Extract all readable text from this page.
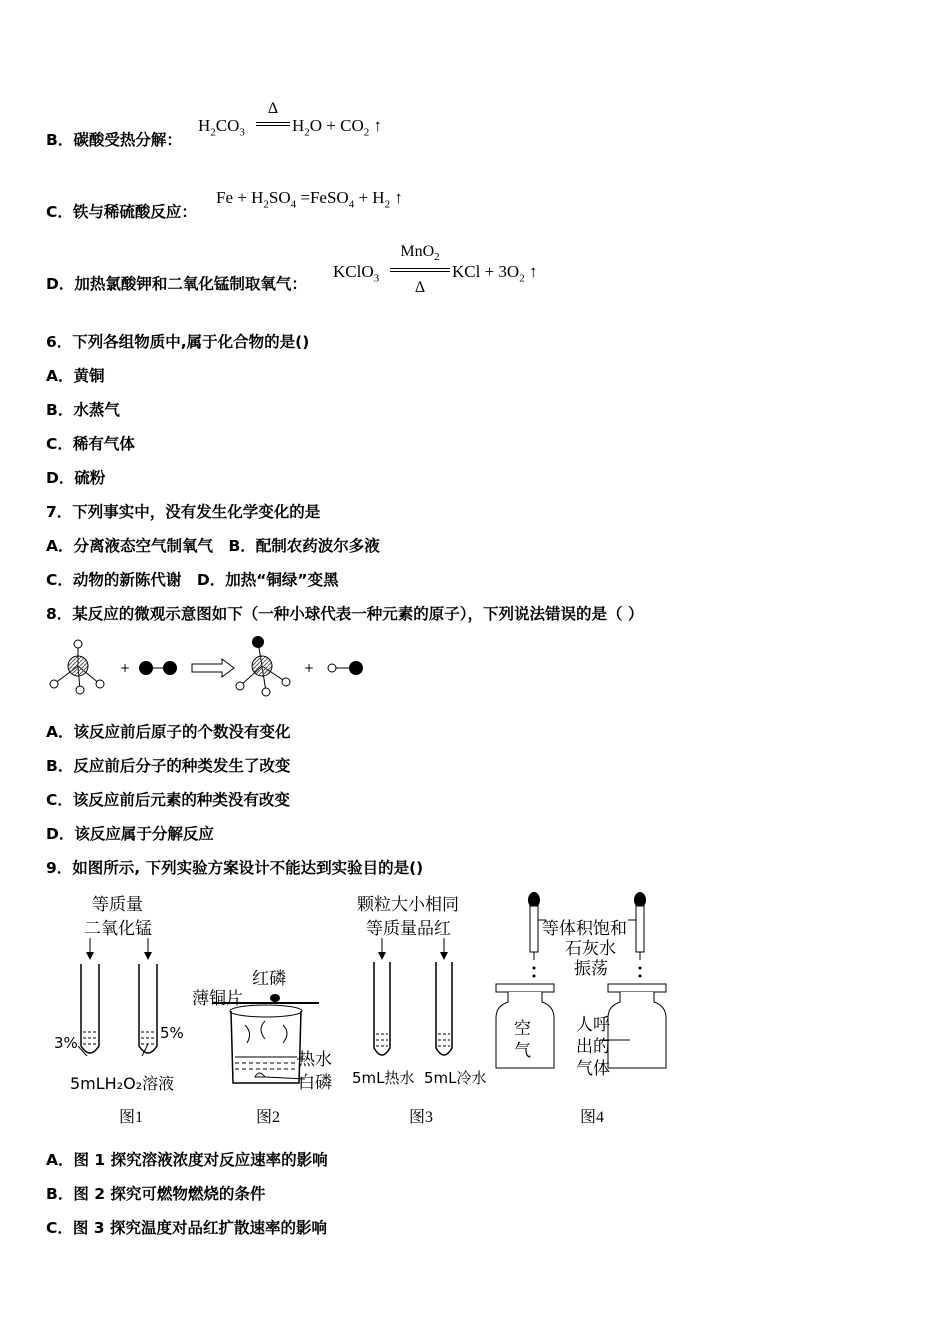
B．碳酸受热分解：
$H_2CO_3$
Δ
$H_2O + CO_2$ ↑
C．铁与稀硫酸反应：
$Fe + H_2SO_4$ =FeSO$_4$ + $H_2$ ↑
D．加热氯酸钾和二氧化锰制取氧气：
KClO$_3$
MnO$_2$
Δ
KCl + $3O_2$ ↑
6．下列各组物质中,属于化合物的是()
A．黄铜
B．水蒸气
C．稀有气体
D．硫粉
7．下列事实中，没有发生化学变化的是
A．分离液态空气制氧气　B．配制农药波尔多液
C．动物的新陈代谢　D．加热“铜绿”变黑
8．某反应的微观示意图如下（一种小球代表一种元素的原子），下列说法错误的是（ ）
+	+
A．该反应前后原子的个数没有变化
B．反应前后分子的种类发生了改变
C．该反应前后元素的种类没有改变
D．该反应属于分解反应
9．如图所示, 下列实验方案设计不能达到实验目的是()
等质量
二氧化锰
3%
5%
5mLH₂O₂溶液
图1
红磷
薄铜片
热水
白磷
图2
颗粒大小相同
等质量品红
5mL热水 5mL冷水
图3
等体积饱和
石灰水
振荡
空
气
人呼
出的
气体
图4
A．图 1 探究溶液浓度对反应速率的影响
B．图 2 探究可燃物燃烧的条件
C．图 3 探究温度对品红扩散速率的影响
